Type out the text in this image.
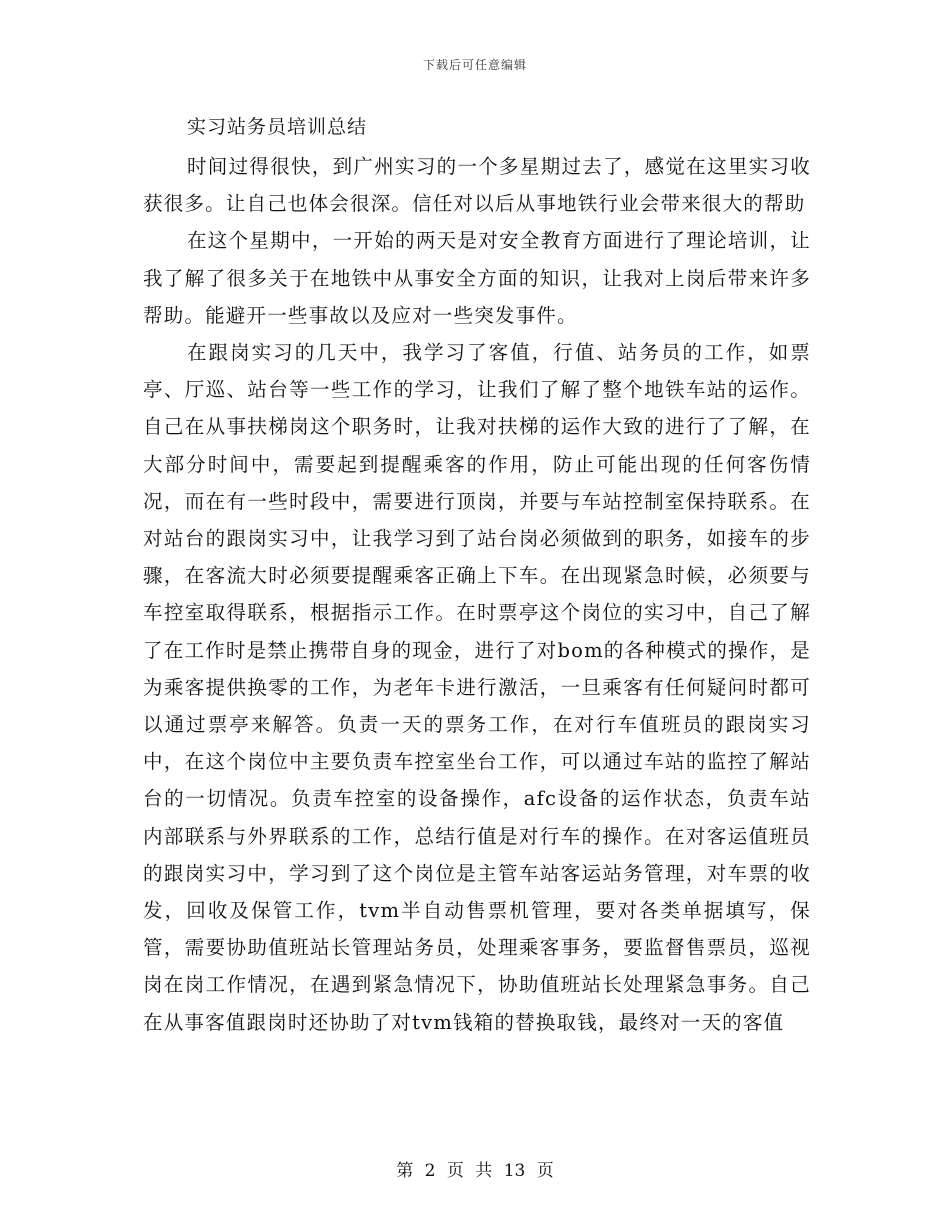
下载后可任意编辑
实习站务员培训总结

时间过得很快，到广州实习的一个多星期过去了，感觉在这里实习收获很多。让自己也体会很深。信任对以后从事地铁行业会带来很大的帮助

在这个星期中，一开始的两天是对安全教育方面进行了理论培训，让我了解了很多关于在地铁中从事安全方面的知识，让我对上岗后带来许多帮助。能避开一些事故以及应对一些突发事件。

在跟岗实习的几天中，我学习了客值，行值、站务员的工作，如票亭、厅巡、站台等一些工作的学习，让我们了解了整个地铁车站的运作。自己在从事扶梯岗这个职务时，让我对扶梯的运作大致的进行了了解，在大部分时间中，需要起到提醒乘客的作用，防止可能出现的任何客伤情况，而在有一些时段中，需要进行顶岗，并要与车站控制室保持联系。在对站台的跟岗实习中，让我学习到了站台岗必须做到的职务，如接车的步骤，在客流大时必须要提醒乘客正确上下车。在出现紧急时候，必须要与车控室取得联系，根据指示工作。在时票亭这个岗位的实习中，自己了解了在工作时是禁止携带自身的现金，进行了对bom的各种模式的操作，是为乘客提供换零的工作，为老年卡进行激活，一旦乘客有任何疑问时都可以通过票亭来解答。负责一天的票务工作，在对行车值班员的跟岗实习中，在这个岗位中主要负责车控室坐台工作，可以通过车站的监控了解站台的一切情况。负责车控室的设备操作，afc设备的运作状态，负责车站内部联系与外界联系的工作，总结行值是对行车的操作。在对客运值班员的跟岗实习中，学习到了这个岗位是主管车站客运站务管理，对车票的收发，回收及保管工作，tvm半自动售票机管理，要对各类单据填写，保管，需要协助值班站长管理站务员，处理乘客事务，要监督售票员，巡视岗在岗工作情况，在遇到紧急情况下，协助值班站长处理紧急事务。自己在从事客值跟岗时还协助了对tvm钱箱的替换取钱，最终对一天的客值

第 2 页 共 13 页
